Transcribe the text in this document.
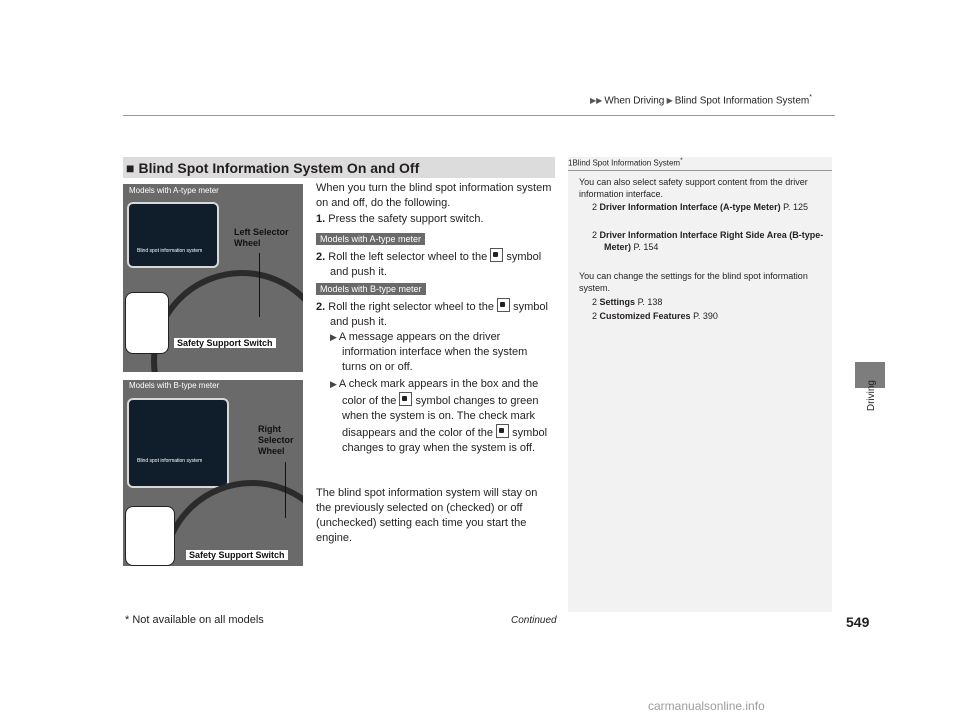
▶▶ When Driving ▶ Blind Spot Information System*
Driving
■ Blind Spot Information System On and Off
Blind spot information system
Left Selector
Wheel
Safety Support Switch
Models with A-type meter
Blind spot information system
Right
Selector
Wheel
Safety Support Switch
Models with B-type meter
When you turn the blind spot information system on and off, do the following.
1. Press the safety support switch.
Models with A-type meter
2. Roll the left selector wheel to the symbol and push it.
Models with B-type meter
2. Roll the right selector wheel to the symbol and push it.
▶ A message appears on the driver information interface when the system turns on or off.
▶ A check mark appears in the box and the color of the symbol changes to green when the system is on. The check mark disappears and the color of the symbol changes to gray when the system is off.
The blind spot information system will stay on the previously selected on (checked) or off (unchecked) setting each time you start the engine.
1Blind Spot Information System*
You can also select safety support content from the driver information interface.
2 Driver Information Interface (A-type Meter) P. 125
2 Driver Information Interface Right Side Area (B-type-Meter) P. 154
You can change the settings for the blind spot information system.
2 Settings P. 138
2 Customized Features P. 390
Continued	549
* Not available on all models
carmanualsonline.info
